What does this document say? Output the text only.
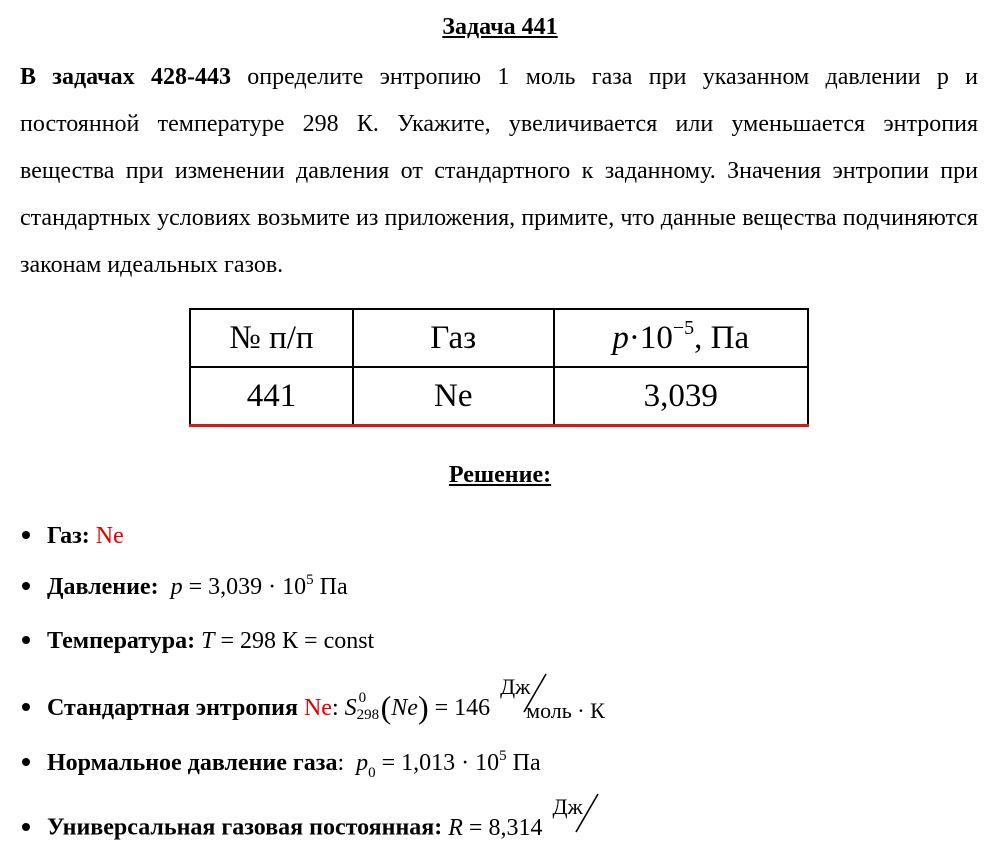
Задача 441
В задачах 428-443 определите энтропию 1 моль газа при указанном давлении p и постоянной температуре 298 К. Укажите, увеличивается или уменьшается энтропия вещества при изменении давления от стандартного к заданному. Значения энтропии при стандартных условиях возьмите из приложения, примите, что данные вещества подчиняются законам идеальных газов.
№ п/п	Газ	$p\cdot 10^{-5}$, Па
441	Ne	3,039
Решение:
Газ: Ne
Давление: $p = 3,039 \cdot 10^5$ Па
Температура: T = 298 К = const
Стандартная энтропия Ne: S 0
298 (Ne) = 146
Дж
моль · К
Нормальное давление газа: $p_0 = 1,013 \cdot 10^5$ Па
Универсальная газовая постоянная: R = 8,314
Дж
